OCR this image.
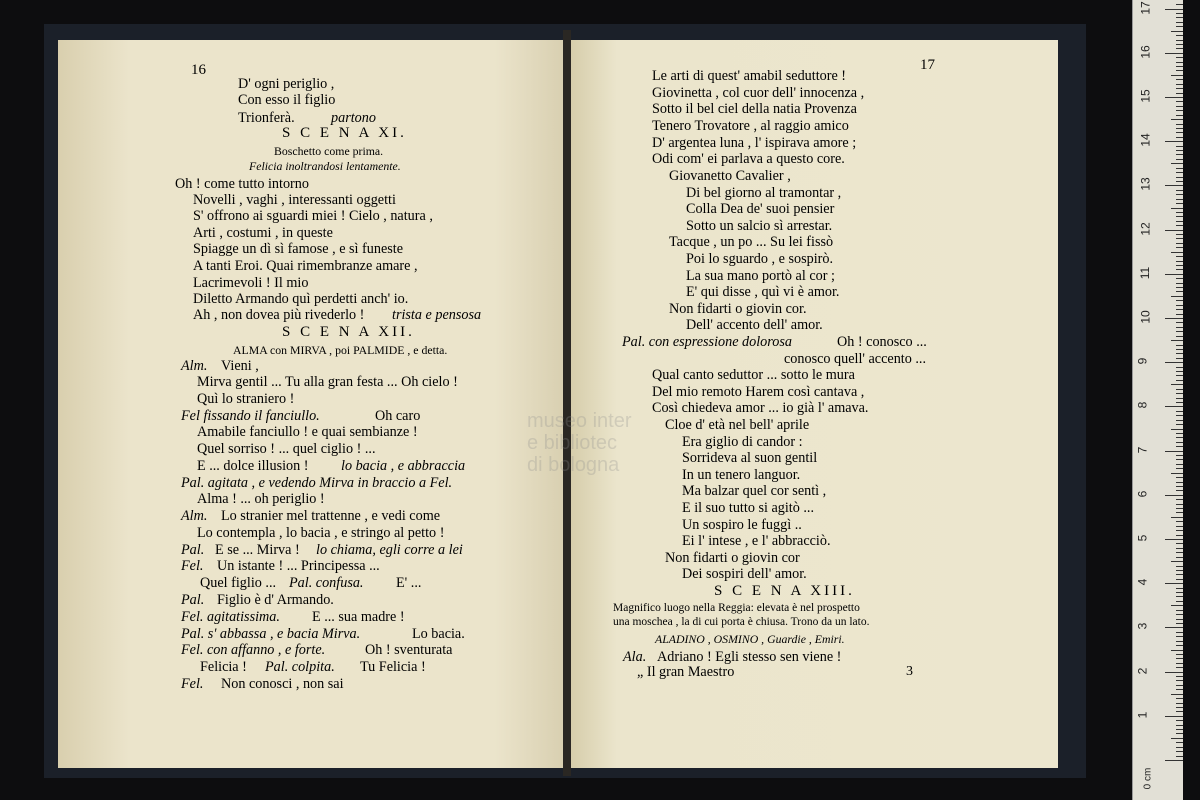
16	17
3
D' ogni periglio ,
Con esso il figlio
Trionferà.	partono
S C E N A XI.
Boschetto come prima.
Felicia inoltrandosi lentamente.
Oh ! come tutto intorno
Novelli , vaghi , interessanti oggetti
S' offrono ai sguardi miei ! Cielo , natura ,
Arti , costumi , in queste
Spiagge un dì sì famose , e sì funeste
A tanti Eroi. Quai rimembranze amare ,
Lacrimevoli ! Il mio
Diletto Armando quì perdetti anch' io.
Ah , non dovea più rivederlo ! trista e pensosa
S C E N A XII.
ALMA con MIRVA , poi PALMIDE , e detta.
Alm. Vieni ,
Mirva gentil ... Tu alla gran festa ... Oh cielo !
Quì lo straniero !
Fel fissando il fanciullo.	Oh caro
Amabile fanciullo ! e quai sembianze !
Quel sorriso ! ... quel ciglio ! ...
E ... dolce illusion ! lo bacia , e abbraccia
Pal. agitata , e vedendo Mirva in braccio a Fel.
Alma ! ... oh periglio !
Alm. Lo stranier mel trattenne , e vedi come
Lo contempla , lo bacia , e stringo al petto !
Pal. E se ... Mirva ! lo chiama, egli corre a lei
Fel. Un istante ! ... Principessa ...
Quel figlio ... Pal. confusa. E' ...
Pal. Figlio è d' Armando.
Fel. agitatissima. E ... sua madre !
Pal. s' abbassa , e bacia Mirva.	Lo bacia.
Fel. con affanno , e forte.	Oh ! sventurata
Felicia ! Pal. colpita. Tu Felicia !
Fel. Non conosci , non sai
Le arti di quest' amabil seduttore !
Giovinetta , col cuor dell' innocenza ,
Sotto il bel ciel della natia Provenza
Tenero Trovatore , al raggio amico
D' argentea luna , l' ispirava amore ;
Odi com' ei parlava a questo core.
Giovanetto Cavalier ,
Di bel giorno al tramontar ,
Colla Dea de' suoi pensier
Sotto un salcio sì arrestar.
Tacque , un po ... Su lei fissò
Poi lo sguardo , e sospirò.
La sua mano portò al cor ;
E' qui disse , quì vi è amor.
Non fidarti o giovin cor.
Dell' accento dell' amor.
Pal. con espressione dolorosa	Oh ! conosco ...
conosco quell' accento ...
Qual canto seduttor ... sotto le mura
Del mio remoto Harem così cantava ,
Così chiedeva amor ... io già l' amava.
Cloe d' età nel bell' aprile
Era giglio di candor :
Sorrideva al suon gentil
In un tenero languor.
Ma balzar quel cor sentì ,
E il suo tutto si agitò ...
Un sospiro le fuggì ..
Ei l' intese , e l' abbracciò.
Non fidarti o giovin cor
Dei sospiri dell' amor.
S C E N A XIII.
Magnifico luogo nella Reggia: elevata è nel prospetto
una moschea , la di cui porta è chiusa. Trono da un lato.
ALADINO , OSMINO , Guardie , Emiri.
Ala. Adriano ! Egli stesso sen viene !
„ Il gran Maestro
museo inter
e bibliotec
di bologna
0 cm
1
2
3
4
5
6
7
8
9
10
11
12
13
14
15
16
17
